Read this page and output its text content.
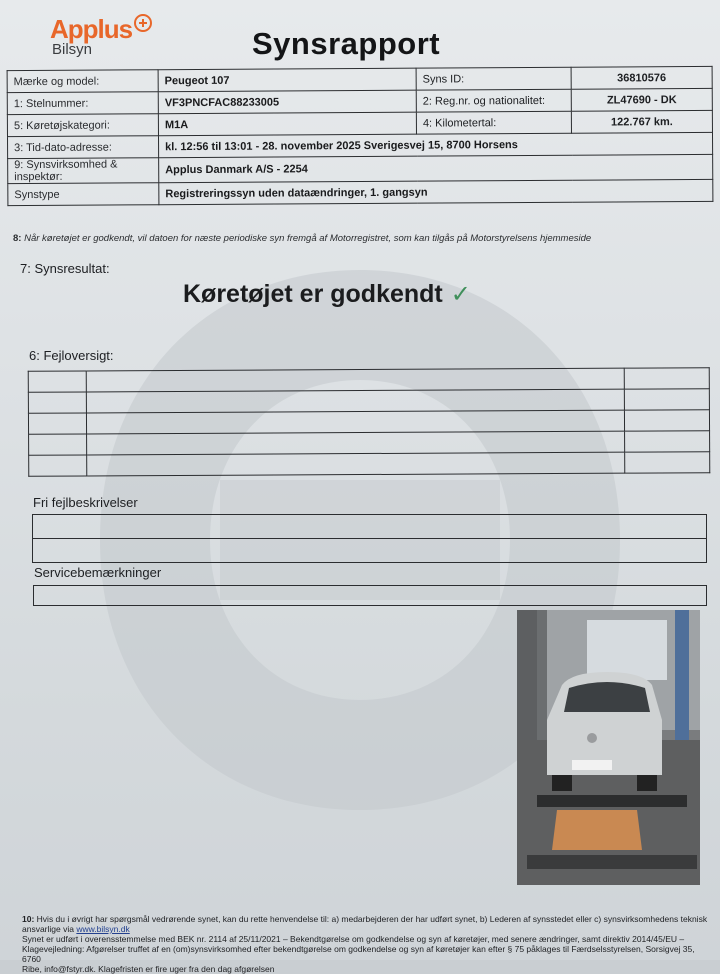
Applus
Bilsyn	Synsrapport
Mærke og model:	Peugeot 107	Syns ID:	36810576
1: Stelnummer:	VF3PNCFAC88233005	2: Reg.nr. og nationalitet:	ZL47690 - DK
5: Køretøjskategori:	M1A	4: Kilometertal:	122.767 km.
3: Tid-dato-adresse:	kl. 12:56 til 13:01 - 28. november 2025 Sverigesvej 15, 8700 Horsens		
9: Synsvirksomhed & inspektør:	Applus Danmark A/S - 2254		
Synstype	Registreringssyn uden dataændringer, 1. gangsyn		
8: Når køretøjet er godkendt, vil datoen for næste periodiske syn fremgå af Motorregistret, som kan tilgås på Motorstyrelsens hjemmeside
7: Synsresultat:
Køretøjet er godkendt ✓
6: Fejloversigt:

Fri fejlbeskrivelser

Servicebemærkninger
10: Hvis du i øvrigt har spørgsmål vedrørende synet, kan du rette henvendelse til: a) medarbejderen der har udført synet, b) Lederen af synsstedet eller c) synsvirksomhedens teknisk ansvarlige via www.bilsyn.dk
Synet er udført i overensstemmelse med BEK nr. 2114 af 25/11/2021 – Bekendtgørelse om godkendelse og syn af køretøjer, med senere ændringer, samt direktiv 2014/45/EU –
Klagevejledning: Afgørelser truffet af en (om)synsvirksomhed efter bekendtgørelse om godkendelse og syn af køretøjer kan efter § 75 påklages til Færdselsstyrelsen, Sorsigvej 35, 6760
Ribe, info@fstyr.dk. Klagefristen er fire uger fra den dag afgørelsen
